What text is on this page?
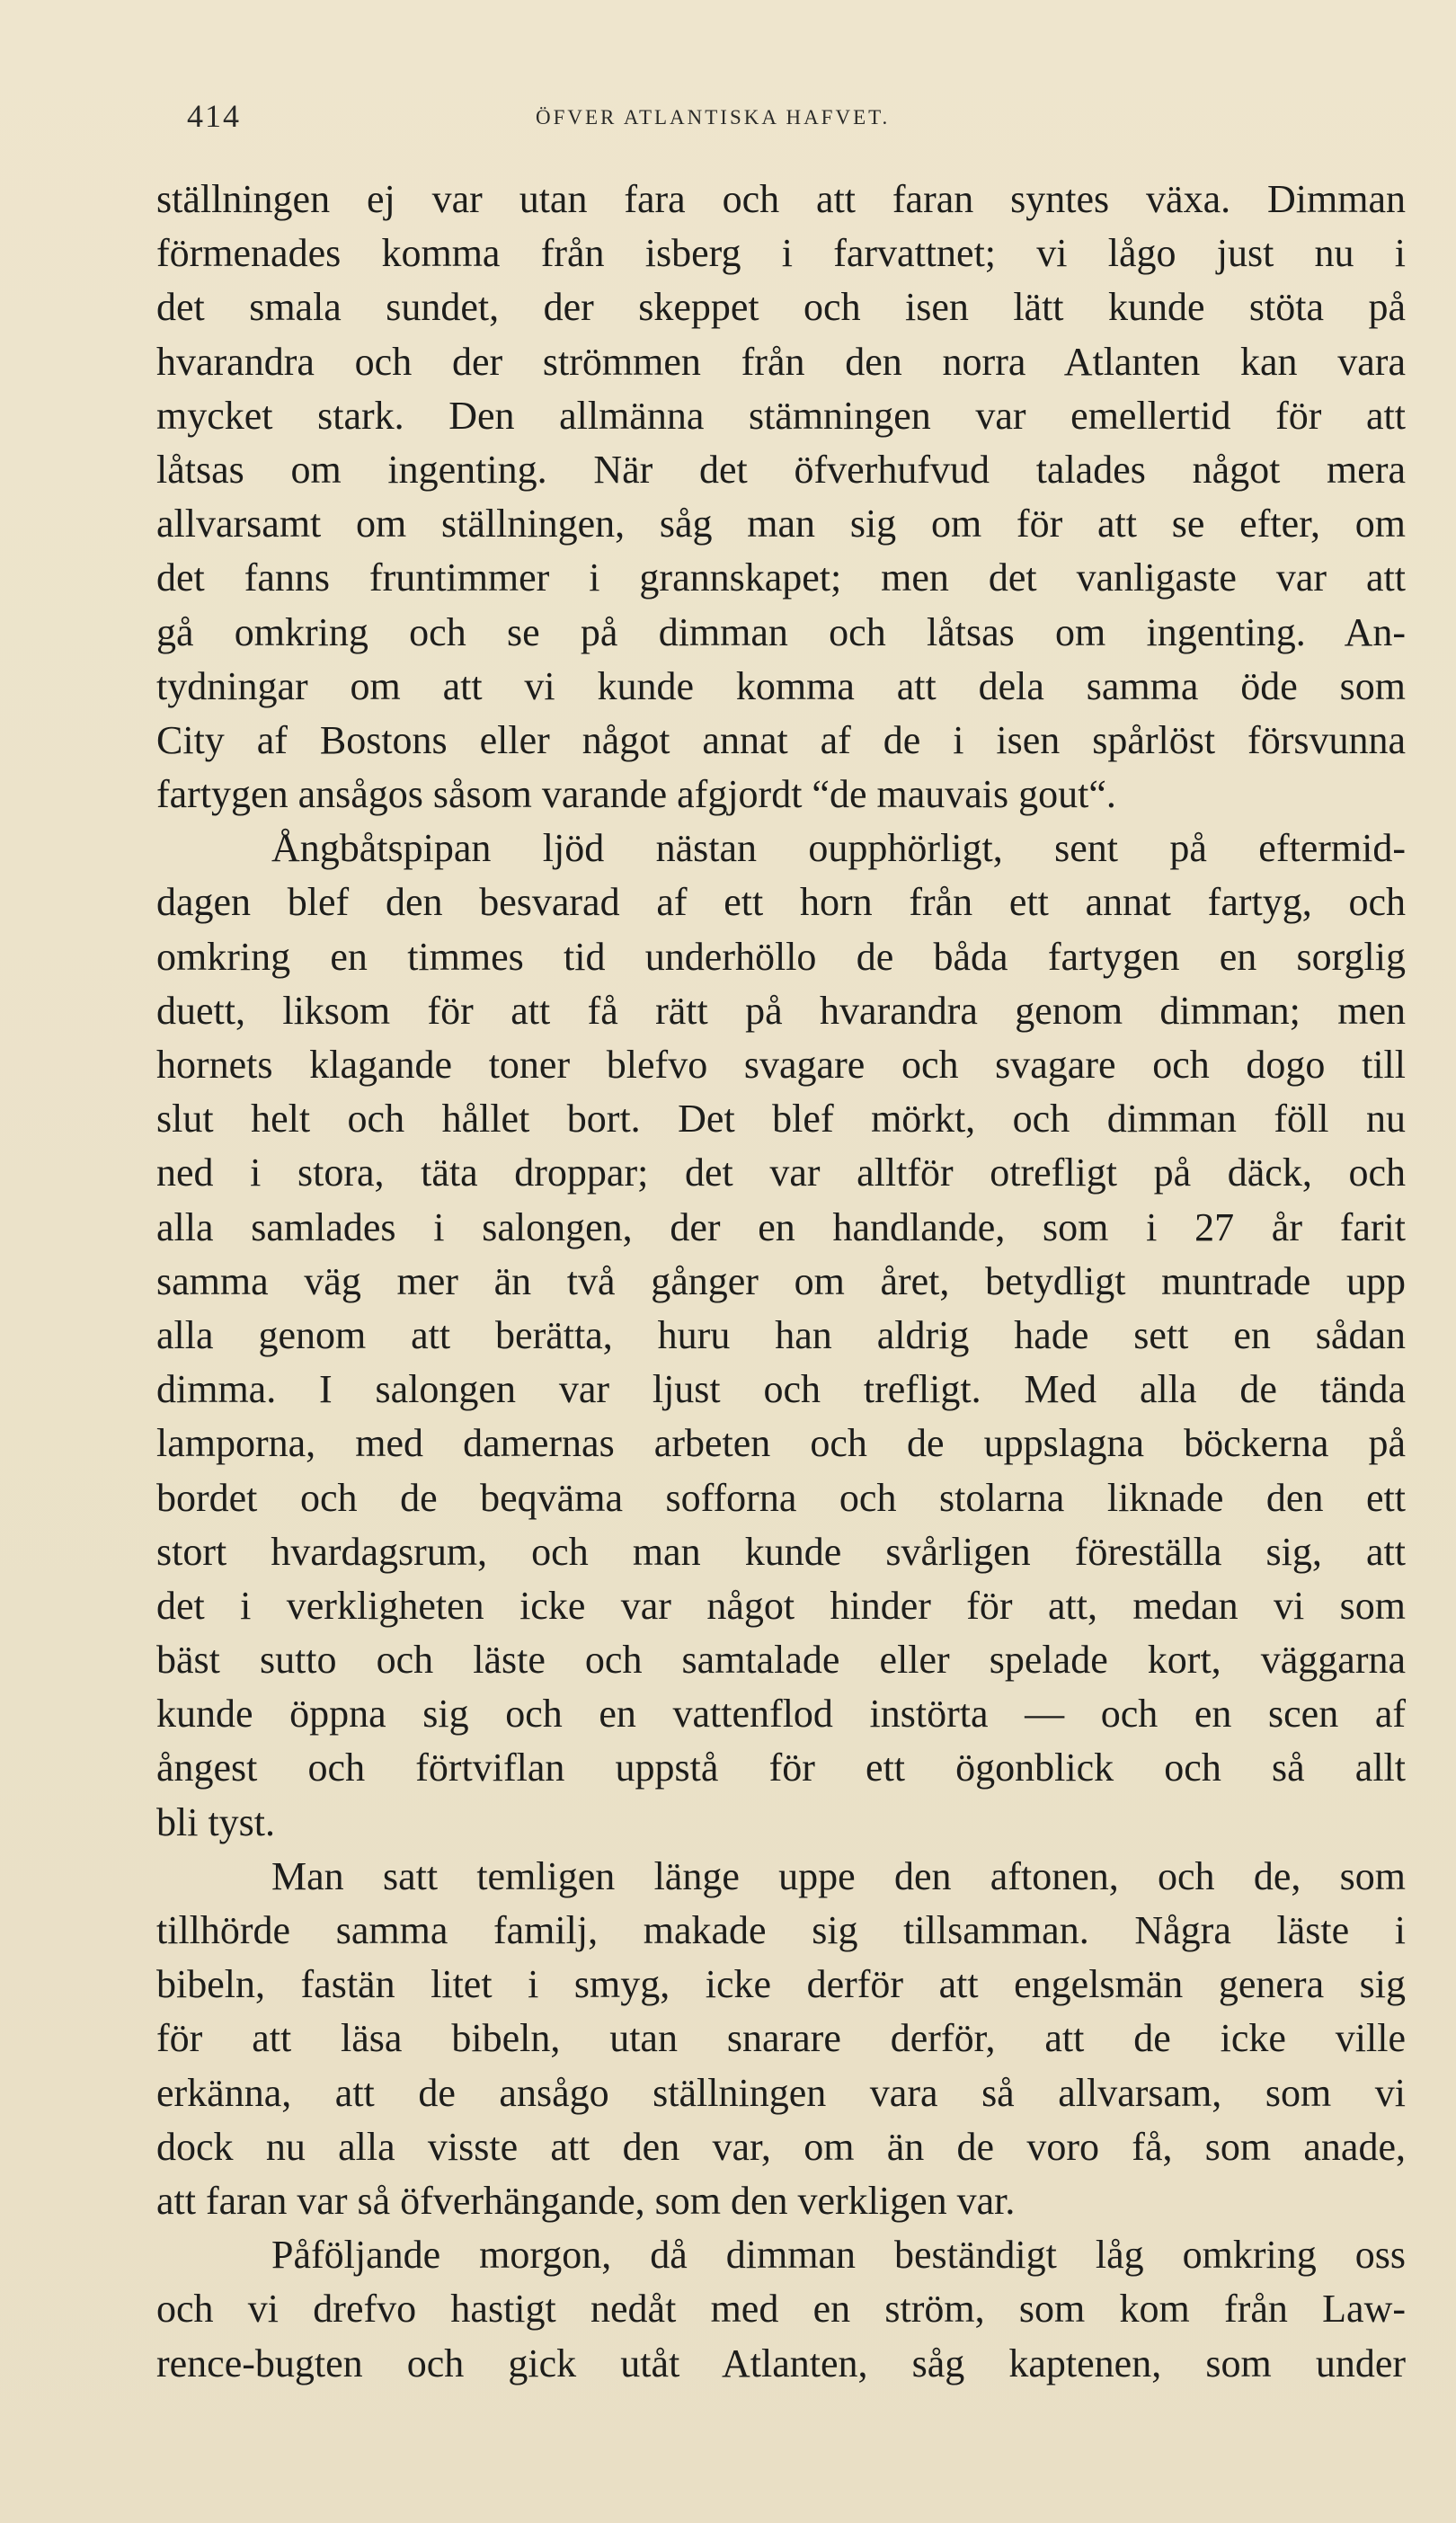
414	ÖFVER ATLANTISKA HAFVET.
ställningen ej var utan fara och att faran syntes växa. Dimman
förmenades komma från isberg i farvattnet; vi lågo just nu i
det smala sundet, der skeppet och isen lätt kunde stöta på
hvarandra och der strömmen från den norra Atlanten kan vara
mycket stark. Den allmänna stämningen var emellertid för att
låtsas om ingenting. När det öfverhufvud talades något mera
allvarsamt om ställningen, såg man sig om för att se efter, om
det fanns fruntimmer i grannskapet; men det vanligaste var att
gå omkring och se på dimman och låtsas om ingenting. An-
tydningar om att vi kunde komma att dela samma öde som
City af Bostons eller något annat af de i isen spårlöst försvunna
fartygen ansågos såsom varande afgjordt “de mauvais gout“.
Ångbåtspipan ljöd nästan oupphörligt, sent på eftermid-
dagen blef den besvarad af ett horn från ett annat fartyg, och
omkring en timmes tid underhöllo de båda fartygen en sorglig
duett, liksom för att få rätt på hvarandra genom dimman; men
hornets klagande toner blefvo svagare och svagare och dogo till
slut helt och hållet bort. Det blef mörkt, och dimman föll nu
ned i stora, täta droppar; det var alltför otrefligt på däck, och
alla samlades i salongen, der en handlande, som i 27 år farit
samma väg mer än två gånger om året, betydligt muntrade upp
alla genom att berätta, huru han aldrig hade sett en sådan
dimma. I salongen var ljust och trefligt. Med alla de tända
lamporna, med damernas arbeten och de uppslagna böckerna på
bordet och de beqväma sofforna och stolarna liknade den ett
stort hvardagsrum, och man kunde svårligen föreställa sig, att
det i verkligheten icke var något hinder för att, medan vi som
bäst sutto och läste och samtalade eller spelade kort, väggarna
kunde öppna sig och en vattenflod instörta — och en scen af
ångest och förtviflan uppstå för ett ögonblick och så allt
bli tyst.
Man satt temligen länge uppe den aftonen, och de, som
tillhörde samma familj, makade sig tillsamman. Några läste i
bibeln, fastän litet i smyg, icke derför att engelsmän genera sig
för att läsa bibeln, utan snarare derför, att de icke ville
erkänna, att de ansågo ställningen vara så allvarsam, som vi
dock nu alla visste att den var, om än de voro få, som anade,
att faran var så öfverhängande, som den verkligen var.
Påföljande morgon, då dimman beständigt låg omkring oss
och vi drefvo hastigt nedåt med en ström, som kom från Law-
rence-bugten och gick utåt Atlanten, såg kaptenen, som under
